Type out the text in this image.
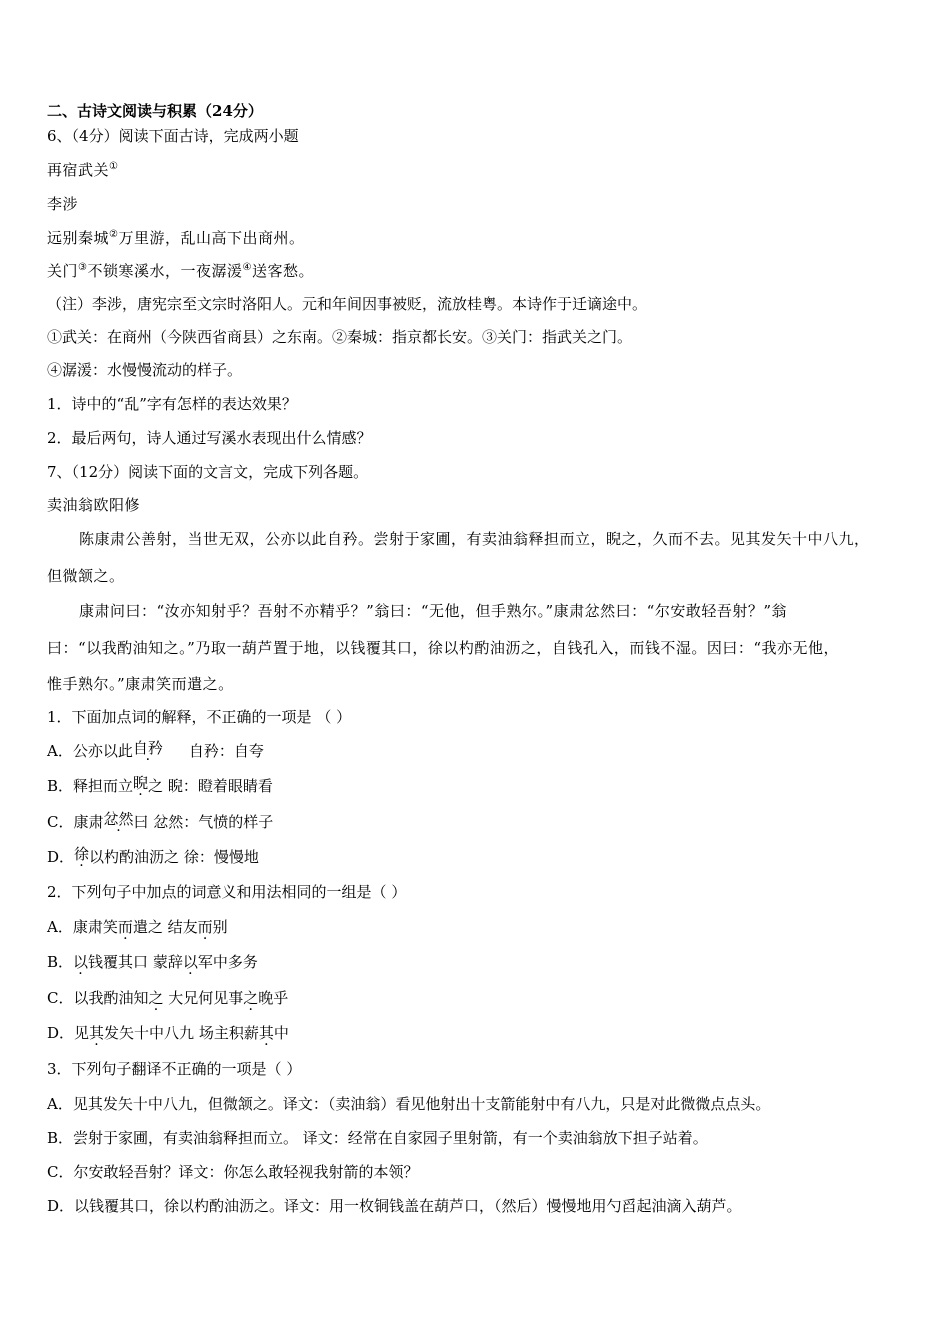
二、古诗文阅读与积累（24分）
6、（4分）阅读下面古诗，完成两小题
再宿武关①
李涉
远别秦城②万里游，乱山高下出商州。
关门③不锁寒溪水，一夜潺湲④送客愁。
（注）李涉，唐宪宗至文宗时洛阳人。元和年间因事被贬，流放桂粤。本诗作于迁谪途中。
①武关：在商州（今陕西省商县）之东南。②秦城：指京都长安。③关门：指武关之门。
④潺湲：水慢慢流动的样子。
1．诗中的“乱”字有怎样的表达效果？
2．最后两句，诗人通过写溪水表现出什么情感？
7、（12分）阅读下面的文言文，完成下列各题。
卖油翁欧阳修
陈康肃公善射，当世无双，公亦以此自矜。尝射于家圃，有卖油翁释担而立，睨之，久而不去。见其发矢十中八九，
但微颔之。
康肃问曰：“汝亦知射乎？吾射不亦精乎？”翁曰：“无他，但手熟尔。”康肃忿然曰：“尔安敢轻吾射？”翁
曰：“以我酌油知之。”乃取一葫芦置于地，以钱覆其口，徐以杓酌油沥之，自钱孔入，而钱不湿。因曰：“我亦无他，
惟手熟尔。”康肃笑而遣之。
1．下面加点词的解释，不正确的一项是 （ ）
A．公亦以此自矜 自矜：自夸
B．释担而立睨之 睨：瞪着眼睛看
C．康肃忿然曰 忿然：气愤的样子
D．徐以杓酌油沥之 徐：慢慢地
2．下列句子中加点的词意义和用法相同的一组是（ ）
A．康肃笑而遣之 结友而别
B．以钱覆其口 蒙辞以军中多务
C．以我酌油知之 大兄何见事之晚乎
D．见其发矢十中八九 场主积薪其中
3．下列句子翻译不正确的一项是（ ）
A．见其发矢十中八九，但微颔之。译文：（卖油翁）看见他射出十支箭能射中有八九，只是对此微微点点头。
B．尝射于家圃，有卖油翁释担而立。 译文：经常在自家园子里射箭，有一个卖油翁放下担子站着。
C．尔安敢轻吾射？译文：你怎么敢轻视我射箭的本领？
D．以钱覆其口，徐以杓酌油沥之。译文：用一枚铜钱盖在葫芦口，（然后）慢慢地用勺舀起油滴入葫芦。
